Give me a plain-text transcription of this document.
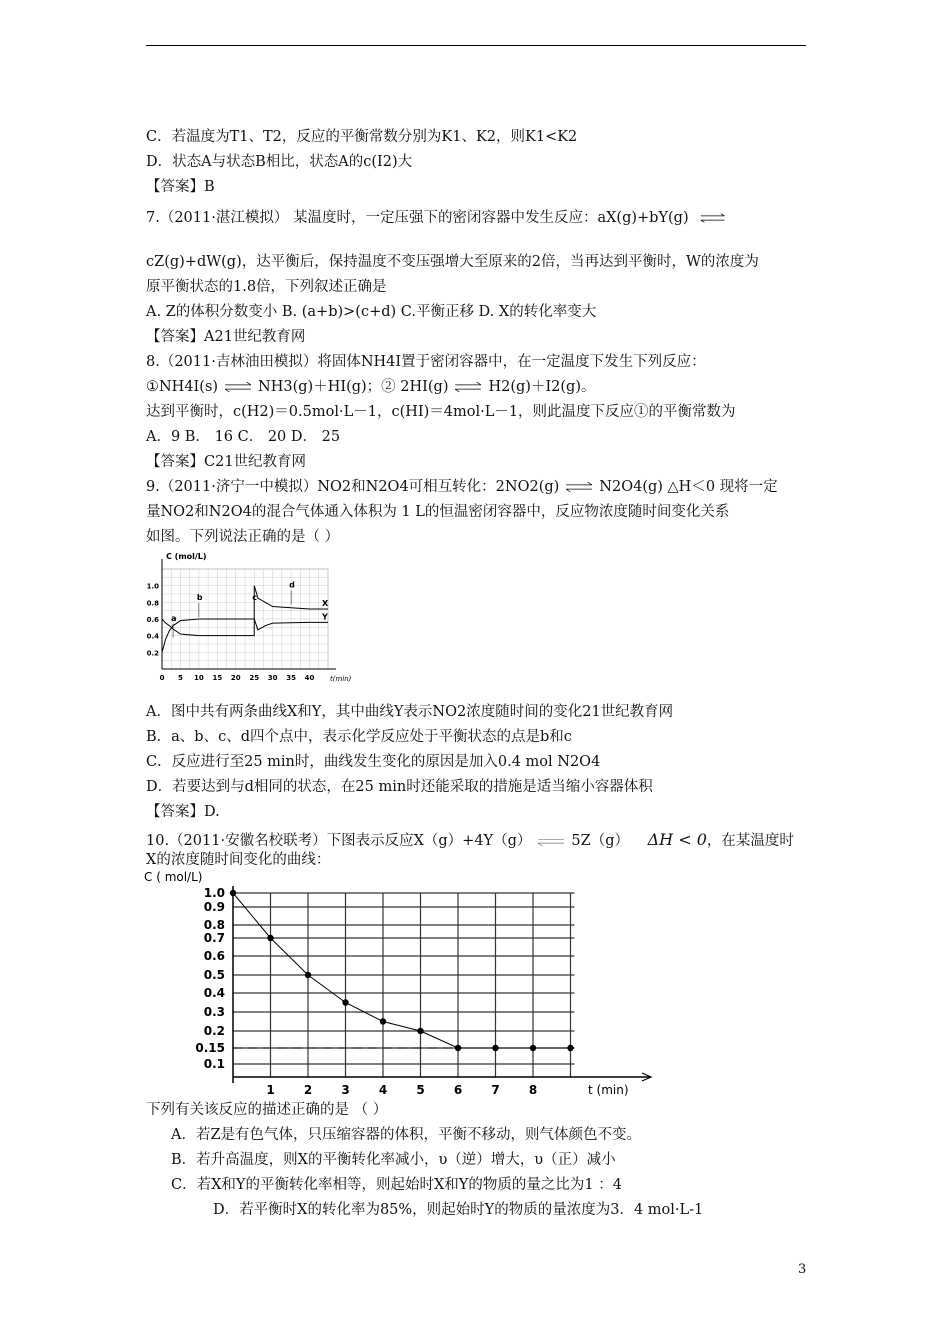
C．若温度为T1、T2，反应的平衡常数分别为K1、K2，则K1<K2
D．状态A与状态B相比，状态A的c(I2)大
【答案】B
7.（2011·湛江模拟） 某温度时，一定压强下的密闭容器中发生反应：aX(g)+bY(g)
cZ(g)+dW(g)，达平衡后，保持温度不变压强增大至原来的2倍，当再达到平衡时，W的浓度为
原平衡状态的1.8倍，下列叙述正确是
A. Z的体积分数变小 B. (a+b)>(c+d) C.平衡正移 D. X的转化率变大
【答案】A21世纪教育网
8.（2011·吉林油田模拟）将固体NH4I置于密闭容器中，在一定温度下发生下列反应：
①NH4I(s)	NH3(g)＋HI(g)；② 2HI(g)	H2(g)＋I2(g)。
达到平衡时，c(H2)＝0.5mol·L－1，c(HI)＝4mol·L－1，则此温度下反应①的平衡常数为
A．9 B． 16 C． 20 D． 25
【答案】C21世纪教育网
9.（2011·济宁一中模拟）NO2和N2O4可相互转化：2NO2(g)	N2O4(g) △H＜0 现将一定
量NO2和N2O4的混合气体通入体积为 1 L的恒温密闭容器中，反应物浓度随时间变化关系
如图。下列说法正确的是（ ）
C (mol/L)
t(min)
0.2
0.4
0.6
0.8
1.0
0 5 10 15 20 25 30 35 40
X
Y
a
b	c
d
A．图中共有两条曲线X和Y，其中曲线Y表示NO2浓度随时间的变化21世纪教育网
B．a、b、c、d四个点中，表示化学反应处于平衡状态的点是b和c
C．反应进行至25 min时，曲线发生变化的原因是加入0.4 mol N2O4
D．若要达到与d相同的状态，在25 min时还能采取的措施是适当缩小容器体积
【答案】D.
10.（2011·安徽名校联考）下图表示反应X（g）+4Y（g）	5Z（g） ΔH < 0，在某温度时
X的浓度随时间变化的曲线：
C ( mol/L)
1.0
0.9
0.8
0.7
0.6
0.5
0.4
0.3
0.2
0.15
0.1
1 2 3 4 5 6 7 8	t (min)
下列有关该反应的描述正确的是 （ ）
A．若Z是有色气体，只压缩容器的体积，平衡不移动，则气体颜色不变。
B．若升高温度，则X的平衡转化率减小，υ（逆）增大，υ（正）减小
C．若X和Y的平衡转化率相等，则起始时X和Y的物质的量之比为1 ：4
D．若平衡时X的转化率为85%，则起始时Y的物质的量浓度为3．4 mol·L-1
3
